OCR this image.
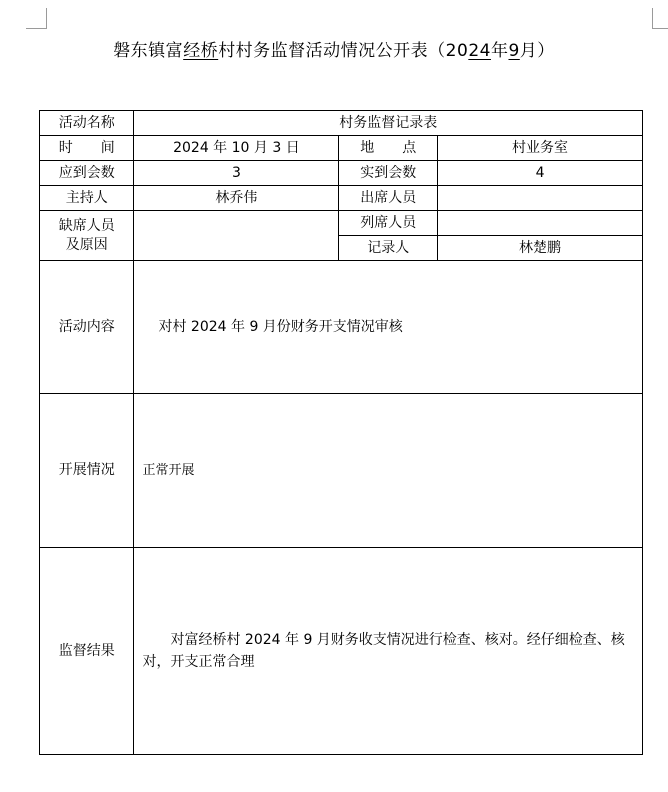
磐东镇富经桥村村务监督活动情况公开表（2024年9月）
活动名称	村务监督记录表		
时　　间	2024 年 10 月 3 日	地　　点	村业务室
应到会数	3	实到会数	4
主持人	林乔伟	出席人员	

缺席人员
及原因		列席人员	
		记录人	林楚鹏
活动内容	对村 2024 年 9 月份财务开支情况审核		

开展情况	正常开展		

监督结果	对富经桥村 2024 年 9 月财务收支情况进行检查、核对。经仔细检查、核对，开支正常合理		
